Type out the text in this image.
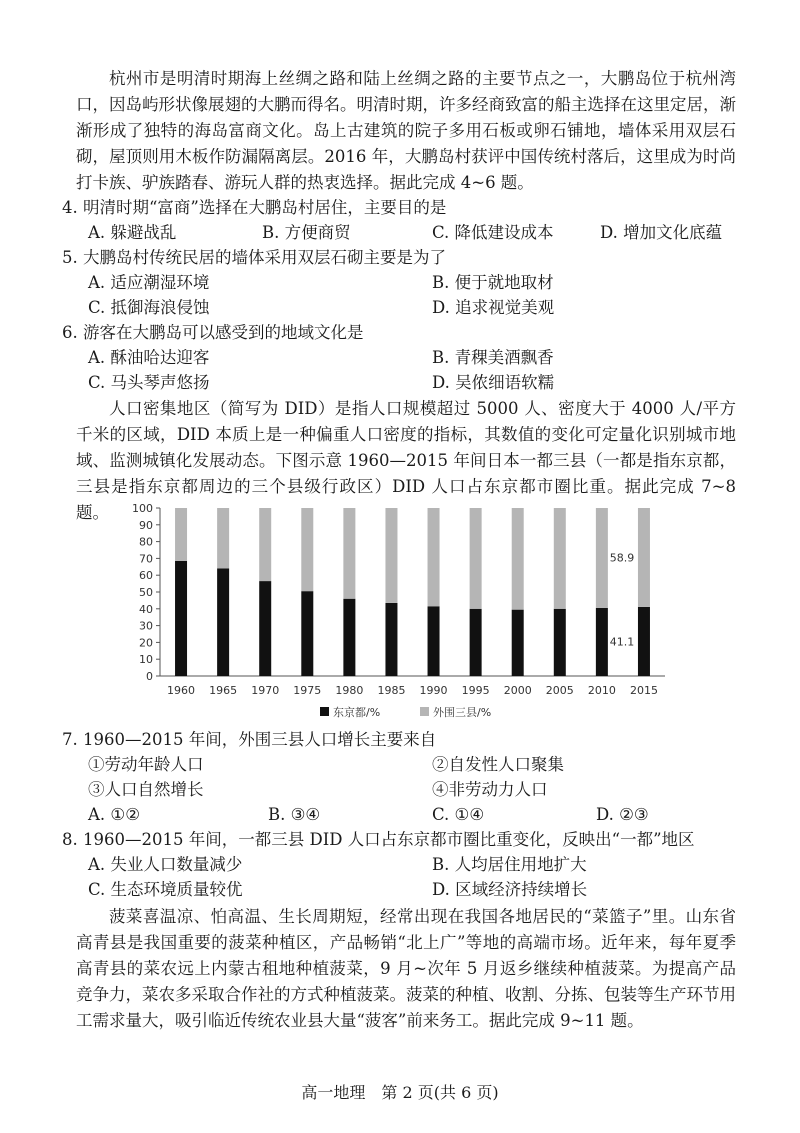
杭州市是明清时期海上丝绸之路和陆上丝绸之路的主要节点之一，大鹏岛位于杭州湾口，因岛屿形状像展翅的大鹏而得名。明清时期，许多经商致富的船主选择在这里定居，渐渐形成了独特的海岛富商文化。岛上古建筑的院子多用石板或卵石铺地，墙体采用双层石砌，屋顶则用木板作防漏隔离层。2016 年，大鹏岛村获评中国传统村落后，这里成为时尚打卡族、驴族踏春、游玩人群的热衷选择。据此完成 4~6 题。

4. 明清时期“富商”选择在大鹏岛村居住，主要目的是
A. 躲避战乱	B. 方便商贸	C. 降低建设成本	D. 增加文化底蕴
5. 大鹏岛村传统民居的墙体采用双层石砌主要是为了
A. 适应潮湿环境	B. 便于就地取材
C. 抵御海浪侵蚀	D. 追求视觉美观
6. 游客在大鹏岛可以感受到的地域文化是
A. 酥油哈达迎客	B. 青稞美酒飘香
C. 马头琴声悠扬	D. 吴侬细语软糯

人口密集地区（简写为 DID）是指人口规模超过 5000 人、密度大于 4000 人/平方千米的区域，DID 本质上是一种偏重人口密度的指标，其数值的变化可定量化识别城市地域、监测城镇化发展动态。下图示意 1960—2015 年间日本一都三县（一都是指东京都，三县是指东京都周边的三个县级行政区）DID 人口占东京都市圈比重。据此完成 7~8 题。

0
10
20
30
40
50
60
70
80
90
100
1960 1965 1970 1975 1980 1985 1990 1995 2000 2005 2010 2015
58.9
41.1
东京都/%	外围三县/%
7. 1960—2015 年间，外围三县人口增长主要来自
①劳动年龄人口	②自发性人口聚集
③人口自然增长	④非劳动力人口
A. ①②	B. ③④	C. ①④	D. ②③
8. 1960—2015 年间，一都三县 DID 人口占东京都市圈比重变化，反映出“一都”地区
A. 失业人口数量减少	B. 人均居住用地扩大
C. 生态环境质量较优	D. 区域经济持续增长

菠菜喜温凉、怕高温、生长周期短，经常出现在我国各地居民的“菜篮子”里。山东省高青县是我国重要的菠菜种植区，产品畅销“北上广”等地的高端市场。近年来，每年夏季高青县的菜农远上内蒙古租地种植菠菜，9 月~次年 5 月返乡继续种植菠菜。为提高产品竞争力，菜农多采取合作社的方式种植菠菜。菠菜的种植、收割、分拣、包装等生产环节用工需求量大，吸引临近传统农业县大量“菠客”前来务工。据此完成 9~11 题。

高一地理　第 2 页(共 6 页)
